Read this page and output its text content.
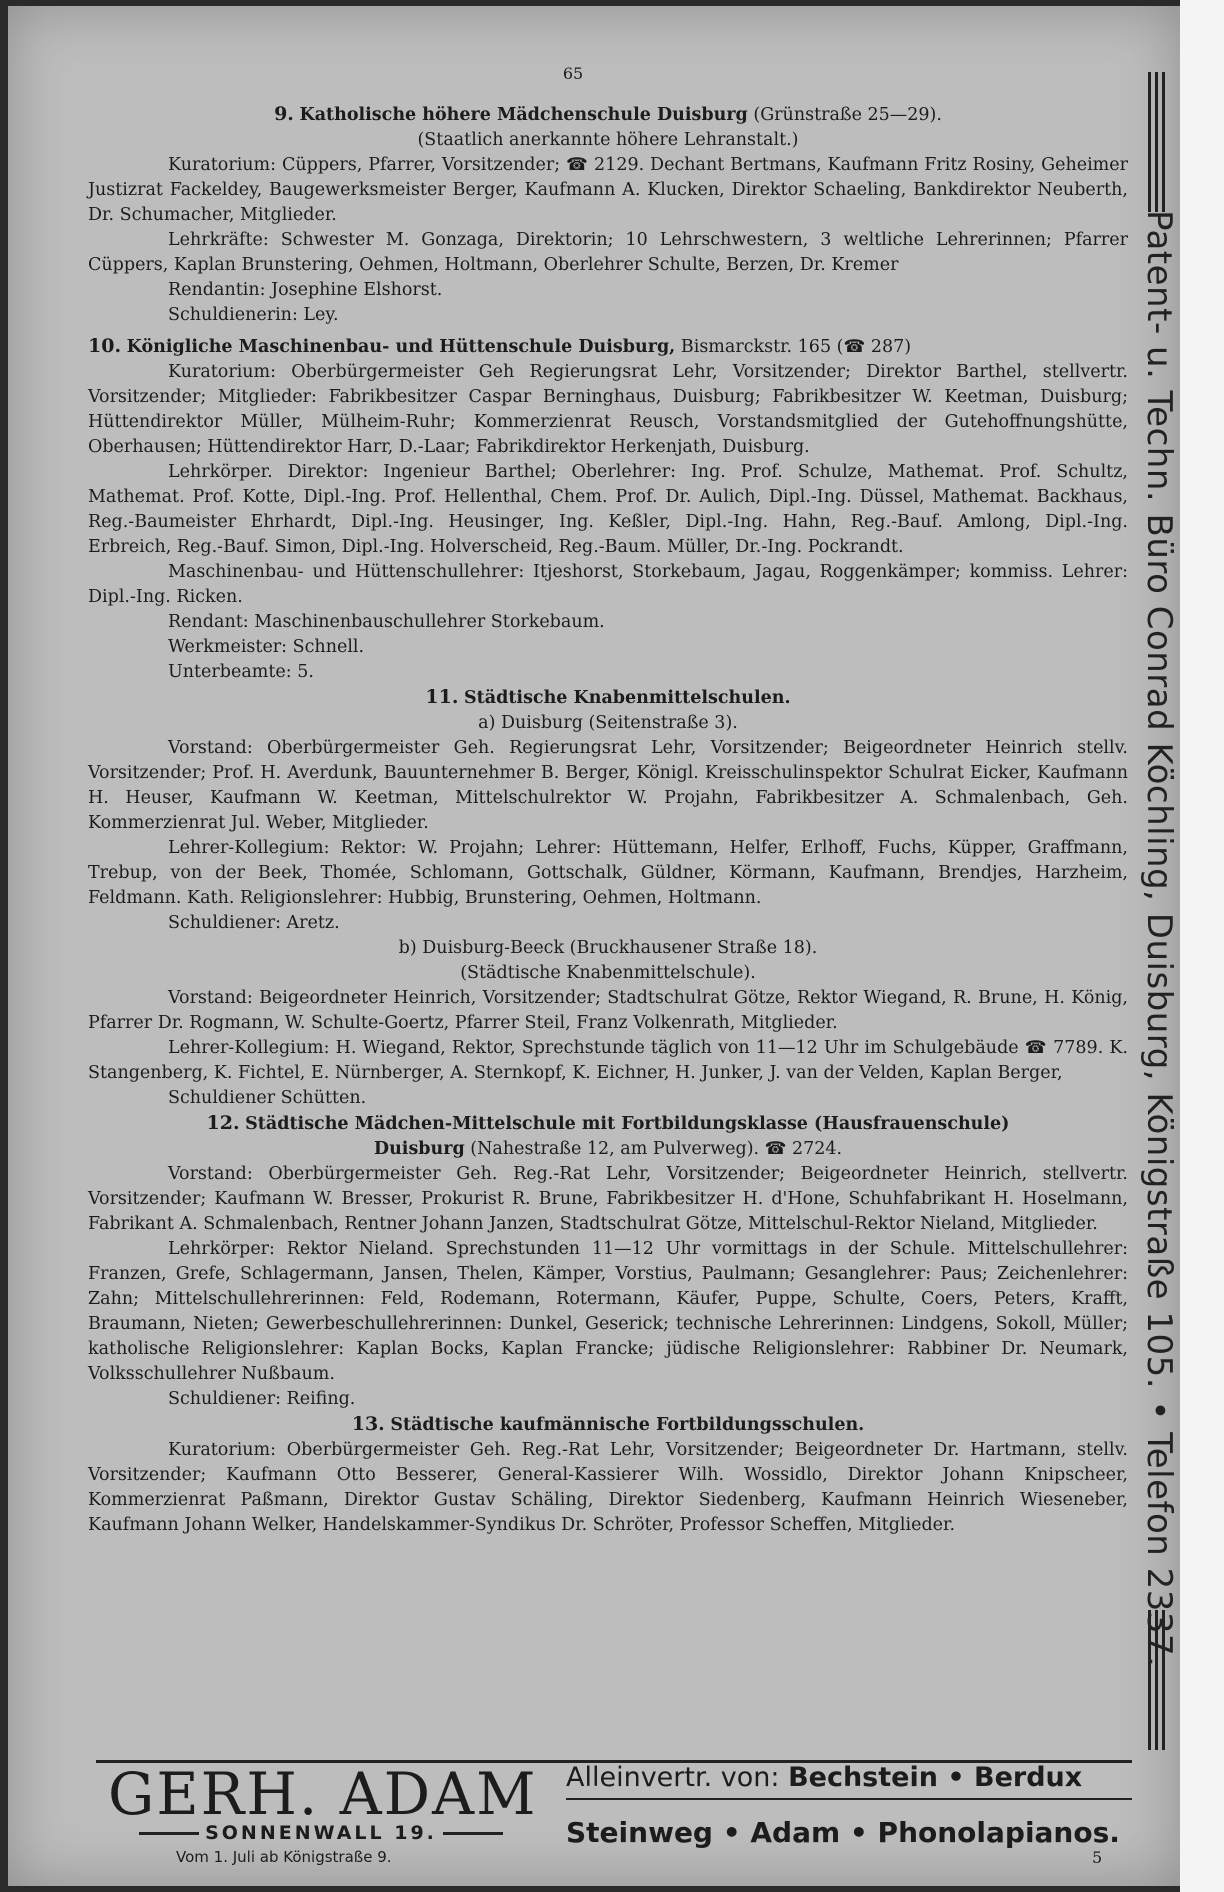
65
Patent- u. Techn. Büro Conrad Köchling, Duisburg, Königstraße 105. • Telefon 2337.

9. Katholische höhere Mädchenschule Duisburg (Grünstraße 25—29).

(Staatlich anerkannte höhere Lehranstalt.)

Kuratorium: Cüppers, Pfarrer, Vorsitzender; ☎ 2129. Dechant Bertmans, Kaufmann Fritz Rosiny, Geheimer Justizrat Fackeldey, Baugewerksmeister Berger, Kaufmann A. Klucken, Direktor Schaeling, Bankdirektor Neuberth, Dr. Schumacher, Mitglieder.

Lehrkräfte: Schwester M. Gonzaga, Direktorin; 10 Lehrschwestern, 3 weltliche Lehrerinnen; Pfarrer Cüppers, Kaplan Brunstering, Oehmen, Holtmann, Oberlehrer Schulte, Berzen, Dr. Kremer

Rendantin: Josephine Elshorst.

Schuldienerin: Ley.

10. Königliche Maschinenbau- und Hüttenschule Duisburg, Bismarckstr. 165 (☎ 287)

Kuratorium: Oberbürgermeister Geh Regierungsrat Lehr, Vorsitzender; Direktor Barthel, stellvertr. Vorsitzender; Mitglieder: Fabrikbesitzer Caspar Berninghaus, Duisburg; Fabrikbesitzer W. Keetman, Duisburg; Hüttendirektor Müller, Mülheim-Ruhr; Kommerzienrat Reusch, Vorstandsmitglied der Gutehoffnungshütte, Oberhausen; Hüttendirektor Harr, D.-Laar; Fabrikdirektor Herkenjath, Duisburg.

Lehrkörper. Direktor: Ingenieur Barthel; Oberlehrer: Ing. Prof. Schulze, Mathemat. Prof. Schultz, Mathemat. Prof. Kotte, Dipl.-Ing. Prof. Hellenthal, Chem. Prof. Dr. Aulich, Dipl.-Ing. Düssel, Mathemat. Backhaus, Reg.-Baumeister Ehrhardt, Dipl.-Ing. Heusinger, Ing. Keßler, Dipl.-Ing. Hahn, Reg.-Bauf. Amlong, Dipl.-Ing. Erbreich, Reg.-Bauf. Simon, Dipl.-Ing. Holverscheid, Reg.-Baum. Müller, Dr.-Ing. Pockrandt.

Maschinenbau- und Hüttenschullehrer: Itjeshorst, Storkebaum, Jagau, Roggenkämper; kommiss. Lehrer: Dipl.-Ing. Ricken.

Rendant: Maschinenbauschullehrer Storkebaum.

Werkmeister: Schnell.

Unterbeamte: 5.

11. Städtische Knabenmittelschulen.

a) Duisburg (Seitenstraße 3).

Vorstand: Oberbürgermeister Geh. Regierungsrat Lehr, Vorsitzender; Beigeordneter Heinrich stellv. Vorsitzender; Prof. H. Averdunk, Bauunternehmer B. Berger, Königl. Kreisschulinspektor Schulrat Eicker, Kaufmann H. Heuser, Kaufmann W. Keetman, Mittelschulrektor W. Projahn, Fabrikbesitzer A. Schmalenbach, Geh. Kommerzienrat Jul. Weber, Mitglieder.

Lehrer-Kollegium: Rektor: W. Projahn; Lehrer: Hüttemann, Helfer, Erlhoff, Fuchs, Küpper, Graffmann, Trebup, von der Beek, Thomée, Schlomann, Gottschalk, Güldner, Körmann, Kaufmann, Brendjes, Harzheim, Feldmann. Kath. Religionslehrer: Hubbig, Brunstering, Oehmen, Holtmann.

Schuldiener: Aretz.

b) Duisburg-Beeck (Bruckhausener Straße 18).

(Städtische Knabenmittelschule).

Vorstand: Beigeordneter Heinrich, Vorsitzender; Stadtschulrat Götze, Rektor Wiegand, R. Brune, H. König, Pfarrer Dr. Rogmann, W. Schulte-Goertz, Pfarrer Steil, Franz Volkenrath, Mitglieder.

Lehrer-Kollegium: H. Wiegand, Rektor, Sprechstunde täglich von 11—12 Uhr im Schulgebäude ☎ 7789. K. Stangenberg, K. Fichtel, E. Nürnberger, A. Sternkopf, K. Eichner, H. Junker, J. van der Velden, Kaplan Berger,

Schuldiener Schütten.

12. Städtische Mädchen-Mittelschule mit Fortbildungsklasse (Hausfrauenschule)

Duisburg (Nahestraße 12, am Pulverweg). ☎ 2724.

Vorstand: Oberbürgermeister Geh. Reg.-Rat Lehr, Vorsitzender; Beigeordneter Heinrich, stellvertr. Vorsitzender; Kaufmann W. Bresser, Prokurist R. Brune, Fabrikbesitzer H. d'Hone, Schuhfabrikant H. Hoselmann, Fabrikant A. Schmalenbach, Rentner Johann Janzen, Stadtschulrat Götze, Mittelschul-Rektor Nieland, Mitglieder.

Lehrkörper: Rektor Nieland. Sprechstunden 11—12 Uhr vormittags in der Schule. Mittelschullehrer: Franzen, Grefe, Schlagermann, Jansen, Thelen, Kämper, Vorstius, Paulmann; Gesanglehrer: Paus; Zeichenlehrer: Zahn; Mittelschullehrerinnen: Feld, Rodemann, Rotermann, Käufer, Puppe, Schulte, Coers, Peters, Krafft, Braumann, Nieten; Gewerbeschullehrerinnen: Dunkel, Geserick; technische Lehrerinnen: Lindgens, Sokoll, Müller; katholische Religionslehrer: Kaplan Bocks, Kaplan Francke; jüdische Religionslehrer: Rabbiner Dr. Neumark, Volksschullehrer Nußbaum.

Schuldiener: Reifing.

13. Städtische kaufmännische Fortbildungsschulen.

Kuratorium: Oberbürgermeister Geh. Reg.-Rat Lehr, Vorsitzender; Beigeordneter Dr. Hartmann, stellv. Vorsitzender; Kaufmann Otto Besserer, General-Kassierer Wilh. Wossidlo, Direktor Johann Knipscheer, Kommerzienrat Paßmann, Direktor Gustav Schäling, Direktor Siedenberg, Kaufmann Heinrich Wieseneber, Kaufmann Johann Welker, Handelskammer-Syndikus Dr. Schröter, Professor Scheffen, Mitglieder.

GERH. ADAM
SONNENWALL 19.
Vom 1. Juli ab Königstraße 9.
Alleinvertr. von: Bechstein • Berdux
Steinweg • Adam • Phonolapianos.
5
